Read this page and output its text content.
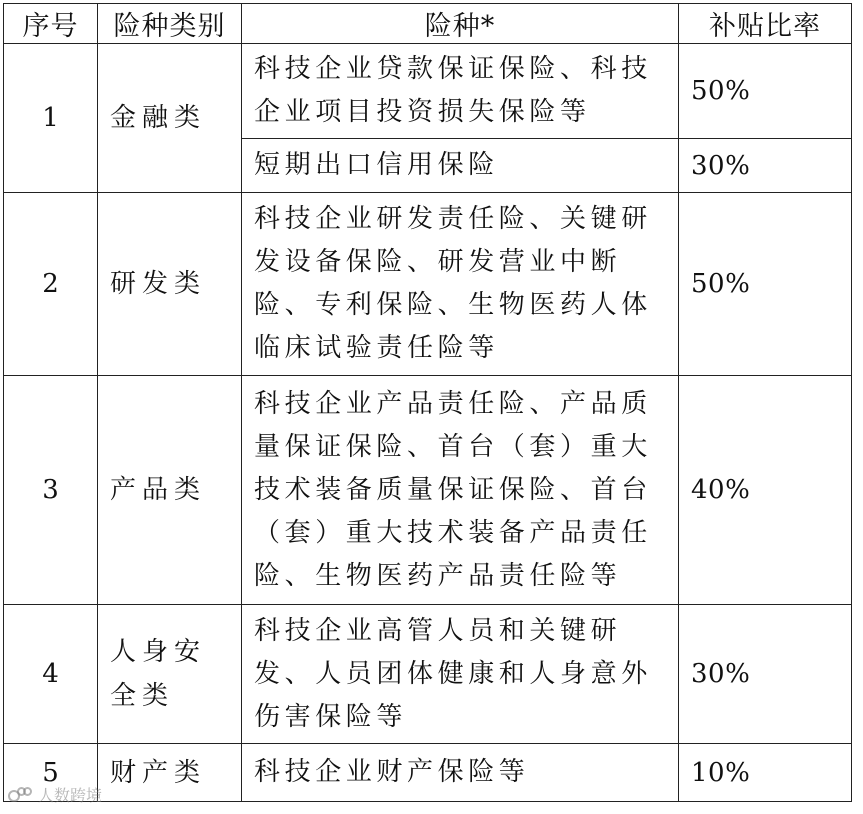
序号	险种类别	险种*	补贴比率
1	金融类	科技企业贷款保证保险、科技企业项目投资损失保险等	50%
		短期出口信用保险	30%
2	研发类	科技企业研发责任险、关键研发设备保险、研发营业中断险、专利保险、生物医药人体临床试验责任险等	50%
3	产品类	科技企业产品责任险、产品质量保证保险、首台（套）重大技术装备质量保证保险、首台（套）重大技术装备产品责任险、生物医药产品责任险等	40%
4	人身安全类	科技企业高管人员和关键研发、人员团体健康和人身意外伤害保险等	30%
5	财产类	科技企业财产保险等	10%
人数跨境
